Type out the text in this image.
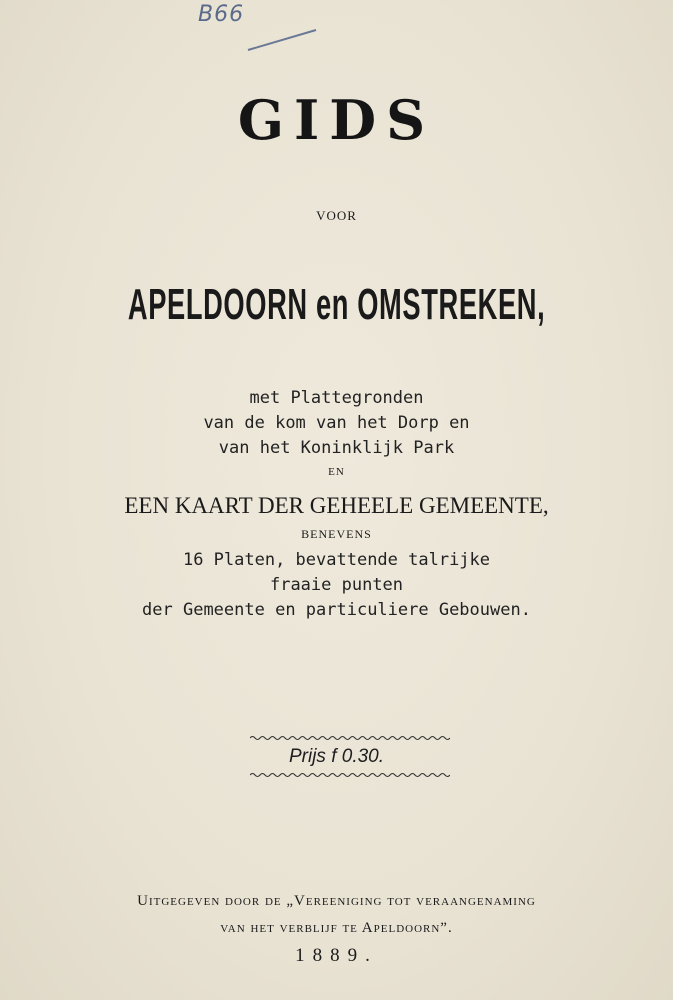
B66
GIDS
VOOR
APELDOORN en OMSTREKEN,
met Plattegronden
van de kom van het Dorp en
van het Koninklijk Park
EN
EEN KAART DER GEHEELE GEMEENTE,
BENEVENS
16 Platen, bevattende talrijke
fraaie punten
der Gemeente en particuliere Gebouwen.
Prijs f 0.30.
Uitgegeven door de „Vereeniging tot veraangenaming
van het verblijf te Apeldoorn”.
1889.
